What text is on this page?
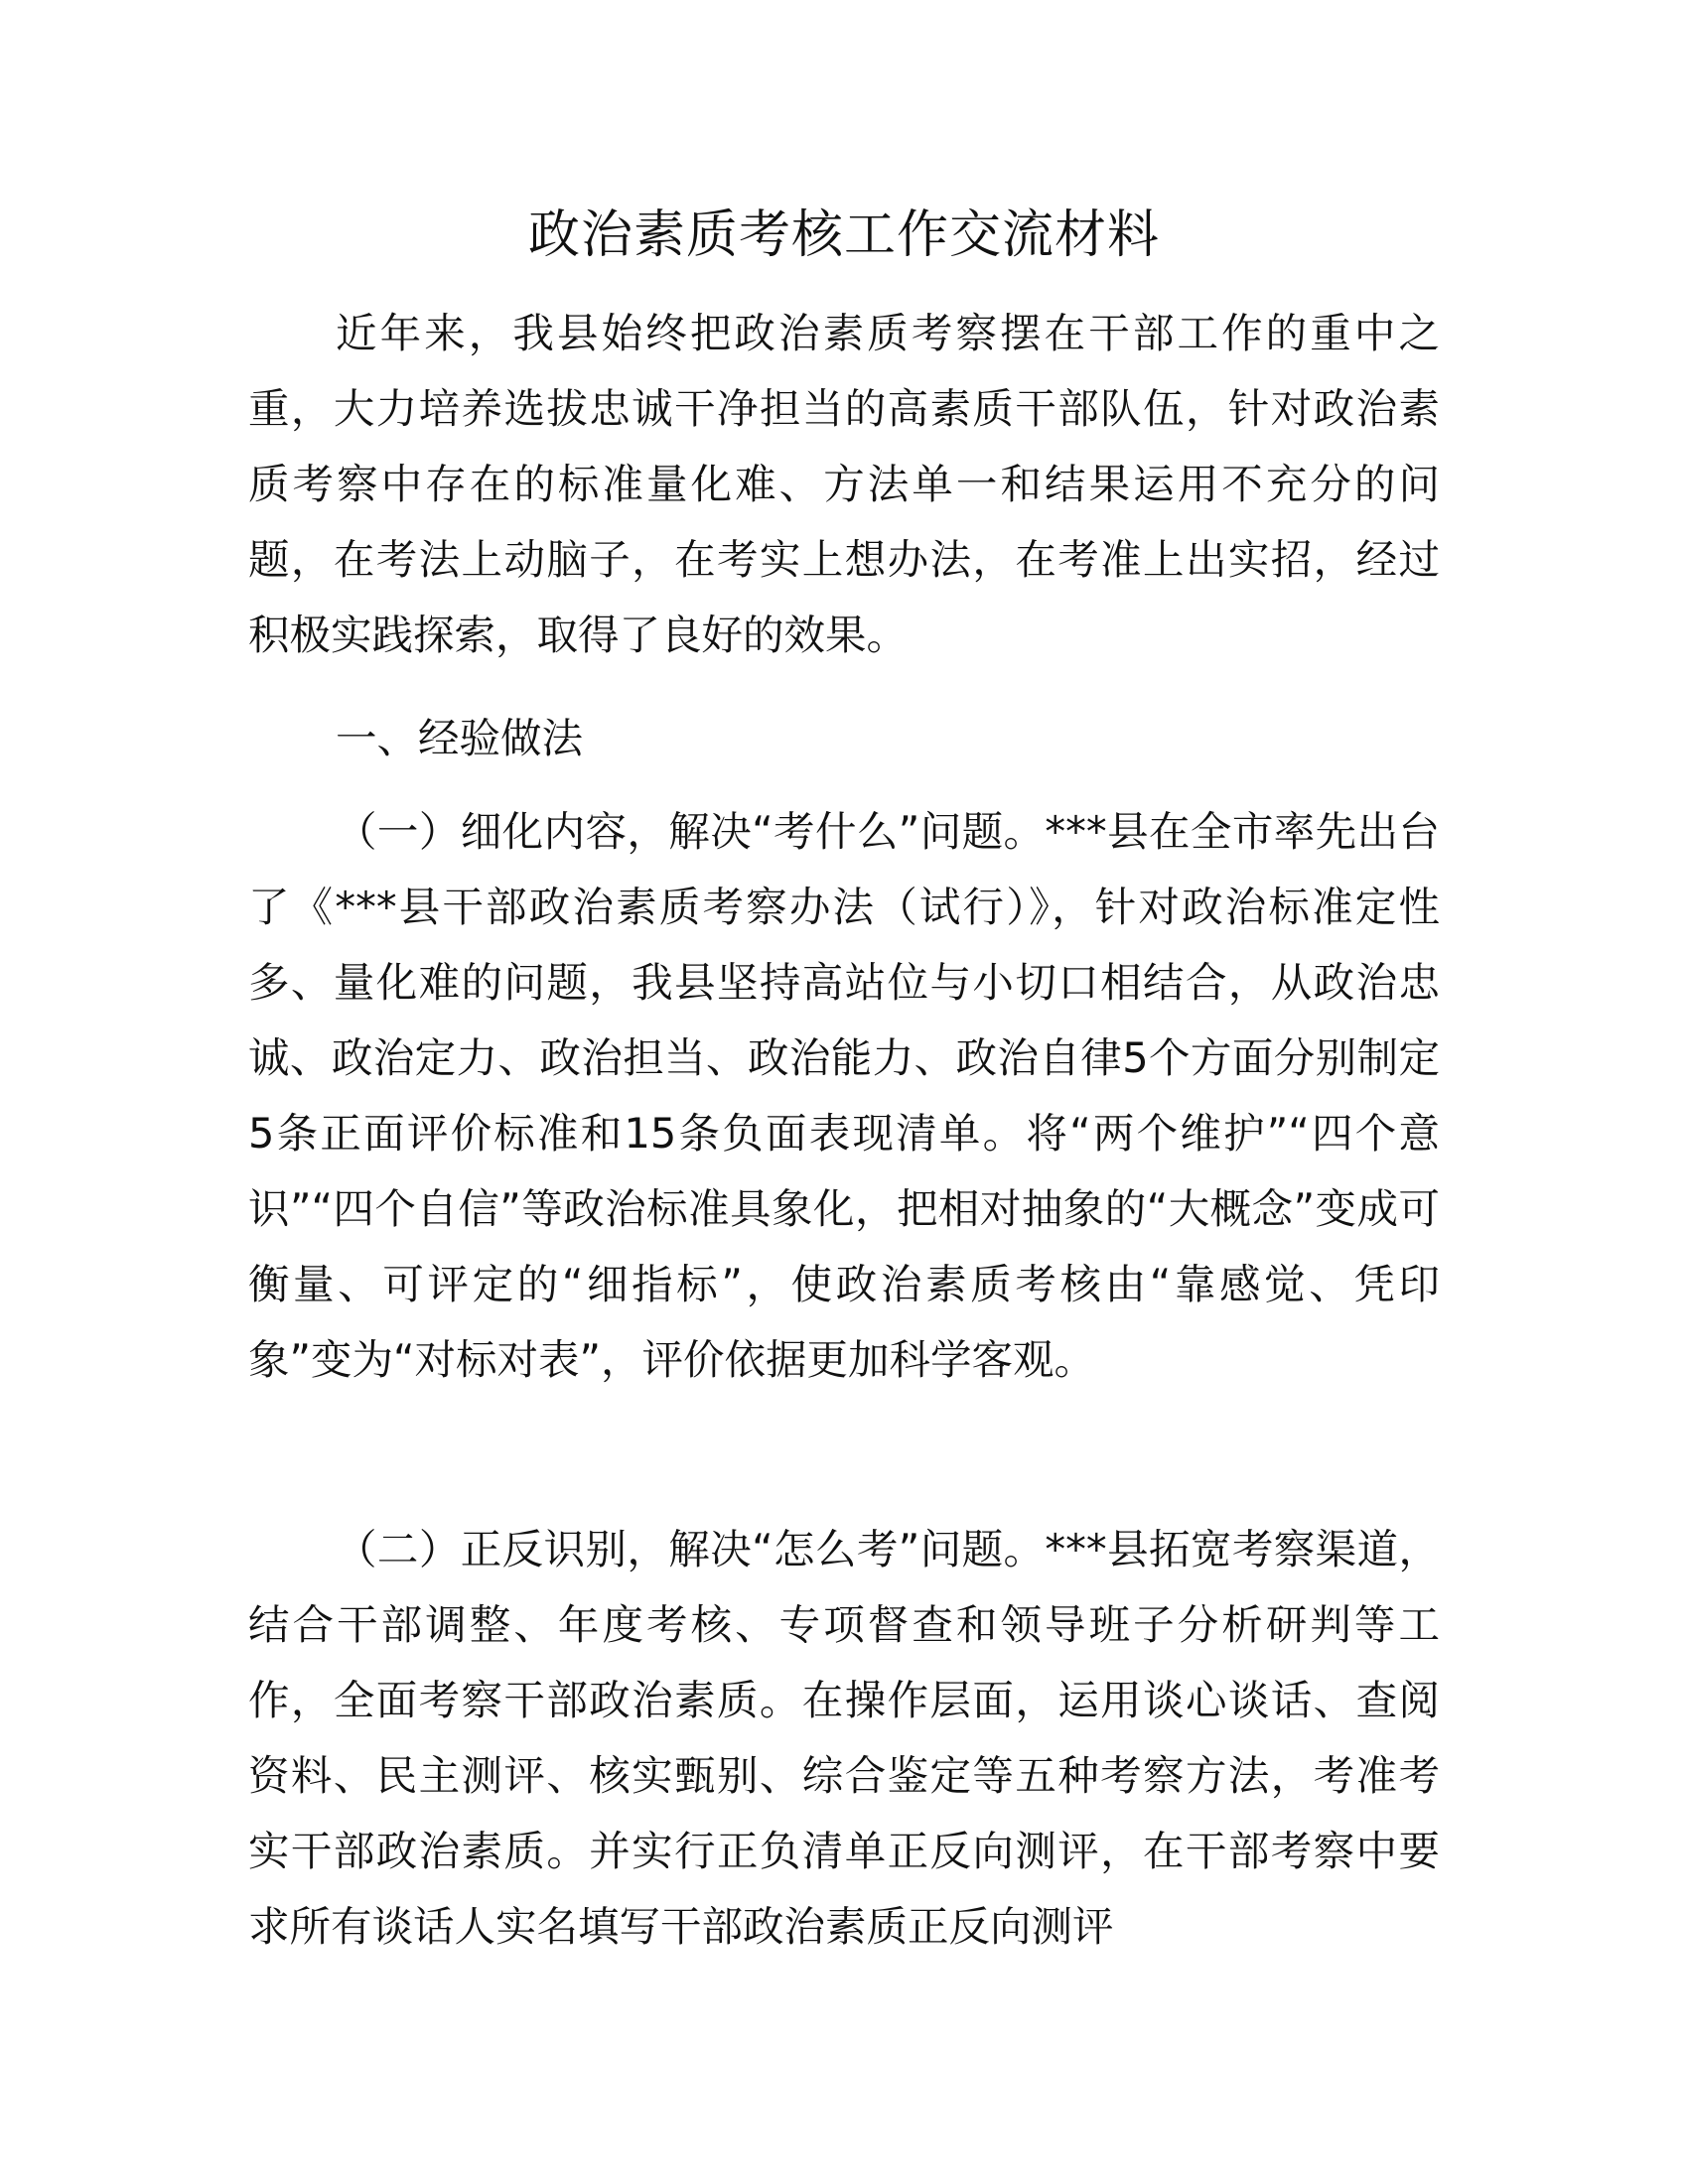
政治素质考核工作交流材料

近年来，我县始终把政治素质考察摆在干部工作的重中之重，大力培养选拔忠诚干净担当的高素质干部队伍，针对政治素质考察中存在的标准量化难、方法单一和结果运用不充分的问题，在考法上动脑子，在考实上想办法，在考准上出实招，经过积极实践探索，取得了良好的效果。

一、经验做法

（一）细化内容，解决“考什么”问题。***县在全市率先出台了《***县干部政治素质考察办法（试行）》，针对政治标准定性多、量化难的问题，我县坚持高站位与小切口相结合，从政治忠诚、政治定力、政治担当、政治能力、政治自律5个方面分别制定5条正面评价标准和15条负面表现清单。将“两个维护”“四个意识”“四个自信”等政治标准具象化，把相对抽象的“大概念”变成可衡量、可评定的“细指标”，使政治素质考核由“靠感觉、凭印象”变为“对标对表”，评价依据更加科学客观。

（二）正反识别，解决“怎么考”问题。***县拓宽考察渠道，结合干部调整、年度考核、专项督查和领导班子分析研判等工作，全面考察干部政治素质。在操作层面，运用谈心谈话、查阅资料、民主测评、核实甄别、综合鉴定等五种考察方法，考准考实干部政治素质。并实行正负清单正反向测评，在干部考察中要求所有谈话人实名填写干部政治素质正反向测评
